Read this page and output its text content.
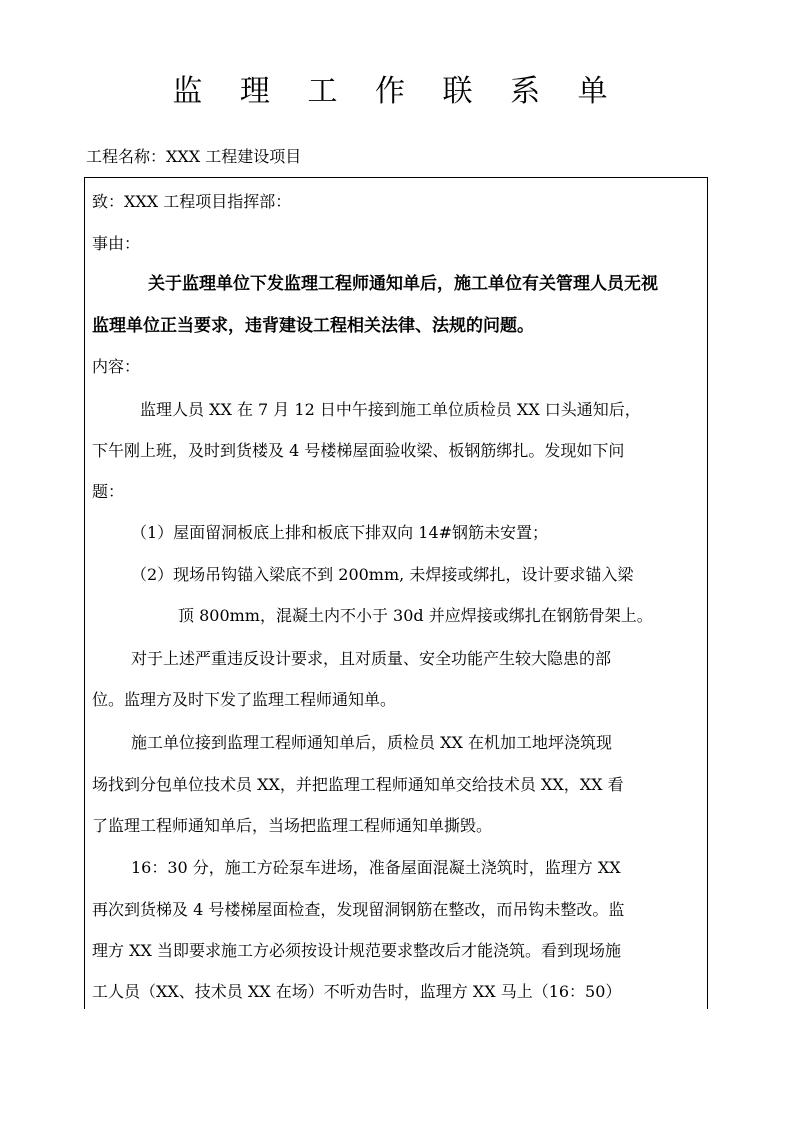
监 理 工 作 联 系 单
工程名称：XXX 工程建设项目
致：XXX 工程项目指挥部：
事由：
关于监理单位下发监理工程师通知单后，施工单位有关管理人员无视
监理单位正当要求，违背建设工程相关法律、法规的问题。
内容：
监理人员 XX 在 7 月 12 日中午接到施工单位质检员 XX 口头通知后，
下午刚上班，及时到货楼及 4 号楼梯屋面验收梁、板钢筋绑扎。发现如下问
题：
（1）屋面留洞板底上排和板底下排双向 14#钢筋未安置；
（2）现场吊钩锚入梁底不到 200mm, 未焊接或绑扎，设计要求锚入梁
顶 800mm，混凝土内不小于 30d 并应焊接或绑扎在钢筋骨架上。
对于上述严重违反设计要求，且对质量、安全功能产生较大隐患的部
位。监理方及时下发了监理工程师通知单。
施工单位接到监理工程师通知单后，质检员 XX 在机加工地坪浇筑现
场找到分包单位技术员 XX，并把监理工程师通知单交给技术员 XX，XX 看
了监理工程师通知单后，当场把监理工程师通知单撕毁。
16：30 分，施工方砼泵车进场，准备屋面混凝土浇筑时，监理方 XX
再次到货梯及 4 号楼梯屋面检查，发现留洞钢筋在整改，而吊钩未整改。监
理方 XX 当即要求施工方必须按设计规范要求整改后才能浇筑。看到现场施
工人员（XX、技术员 XX 在场）不听劝告时，监理方 XX 马上（16：50）
